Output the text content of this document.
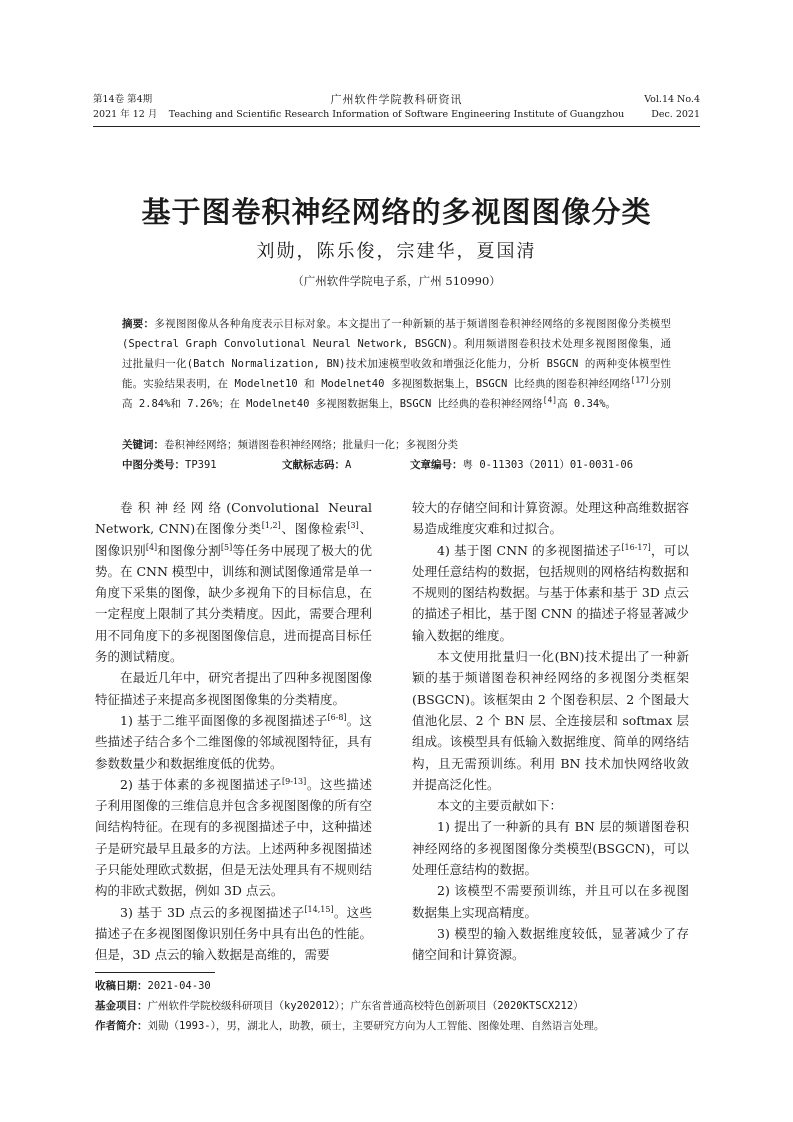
第14卷 第4期
2021 年 12 月
广州软件学院教科研资讯
Teaching and Scientific Research Information of Software Engineering Institute of Guangzhou
Vol.14 No.4
Dec. 2021
基于图卷积神经网络的多视图图像分类
刘勋，陈乐俊，宗建华，夏国清
（广州软件学院电子系，广州 510990）
摘要：多视图图像从各种角度表示目标对象。本文提出了一种新颖的基于频谱图卷积神经网络的多视图图像分类模型(Spectral Graph Convolutional Neural Network, BSGCN)。利用频谱图卷积技术处理多视图图像集，通过批量归一化(Batch Normalization, BN)技术加速模型收敛和增强泛化能力，分析 BSGCN 的两种变体模型性能。实验结果表明，在 Modelnet10 和 Modelnet40 多视图数据集上，BSGCN 比经典的图卷积神经网络[17]分别高 2.84%和 7.26%；在 Modelnet40 多视图数据集上，BSGCN 比经典的卷积神经网络[4]高 0.34%。
关键词：卷积神经网络；频谱图卷积神经网络；批量归一化；多视图分类
中图分类号：TP391	文献标志码：A	文章编号：粤 0-11303（2011）01-0031-06

卷积神经网络(Convolutional Neural Network, CNN)在图像分类[1,2]、图像检索[3]、图像识别[4]和图像分割[5]等任务中展现了极大的优势。在 CNN 模型中，训练和测试图像通常是单一角度下采集的图像，缺少多视角下的目标信息，在一定程度上限制了其分类精度。因此，需要合理利用不同角度下的多视图图像信息，进而提高目标任务的测试精度。

在最近几年中，研究者提出了四种多视图图像特征描述子来提高多视图图像集的分类精度。

1) 基于二维平面图像的多视图描述子[6-8]。这些描述子结合多个二维图像的邻域视图特征，具有参数数量少和数据维度低的优势。

2) 基于体素的多视图描述子[9-13]。这些描述子利用图像的三维信息并包含多视图图像的所有空间结构特征。在现有的多视图描述子中，这种描述子是研究最早且最多的方法。上述两种多视图描述子只能处理欧式数据，但是无法处理具有不规则结构的非欧式数据，例如 3D 点云。

3) 基于 3D 点云的多视图描述子[14,15]。这些描述子在多视图图像识别任务中具有出色的性能。但是，3D 点云的输入数据是高维的，需要

较大的存储空间和计算资源。处理这种高维数据容易造成维度灾难和过拟合。

4) 基于图 CNN 的多视图描述子[16-17]，可以处理任意结构的数据，包括规则的网格结构数据和不规则的图结构数据。与基于体素和基于 3D 点云的描述子相比，基于图 CNN 的描述子将显著减少输入数据的维度。

本文使用批量归一化(BN)技术提出了一种新颖的基于频谱图卷积神经网络的多视图分类框架(BSGCN)。该框架由 2 个图卷积层、2 个图最大值池化层、2 个 BN 层、全连接层和 softmax 层组成。该模型具有低输入数据维度、简单的网络结构，且无需预训练。利用 BN 技术加快网络收敛并提高泛化性。

本文的主要贡献如下：

1) 提出了一种新的具有 BN 层的频谱图卷积神经网络的多视图图像分类模型(BSGCN)，可以处理任意结构的数据。

2) 该模型不需要预训练，并且可以在多视图数据集上实现高精度。

3) 模型的输入数据维度较低，显著减少了存储空间和计算资源。

收稿日期：2021-04-30
基金项目：广州软件学院校级科研项目（ky202012）；广东省普通高校特色创新项目（2020KTSCX212）
作者简介：刘勋（1993-），男，湖北人，助教，硕士，主要研究方向为人工智能、图像处理、自然语言处理。
